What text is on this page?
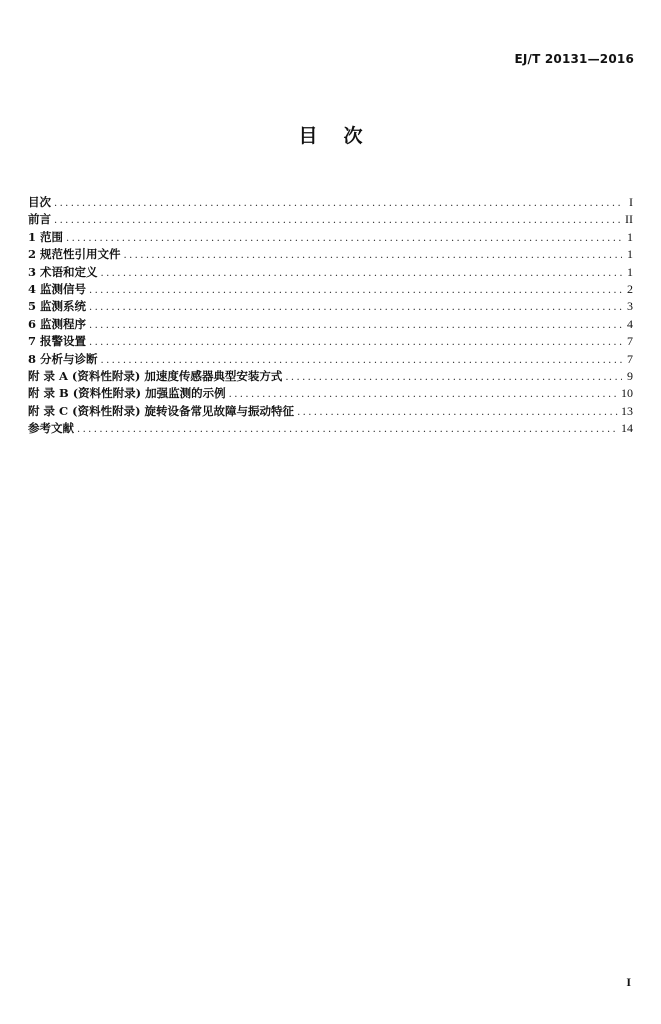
EJ/T 20131—2016
目 次
目次 .....	I
前言 .....	II
1 范围 .....	1
2 规范性引用文件 .....	1
3 术语和定义 .....	1
4 监测信号 .....	2
5 监测系统 .....	3
6 监测程序 .....	4
7 报警设置 .....	7
8 分析与诊断 .....	7
附 录 A (资料性附录) 加速度传感器典型安装方式 .....	9
附 录 B (资料性附录) 加强监测的示例 .....	10
附 录 C (资料性附录) 旋转设备常见故障与振动特征 .....	13
参考文献 .....	14
I
